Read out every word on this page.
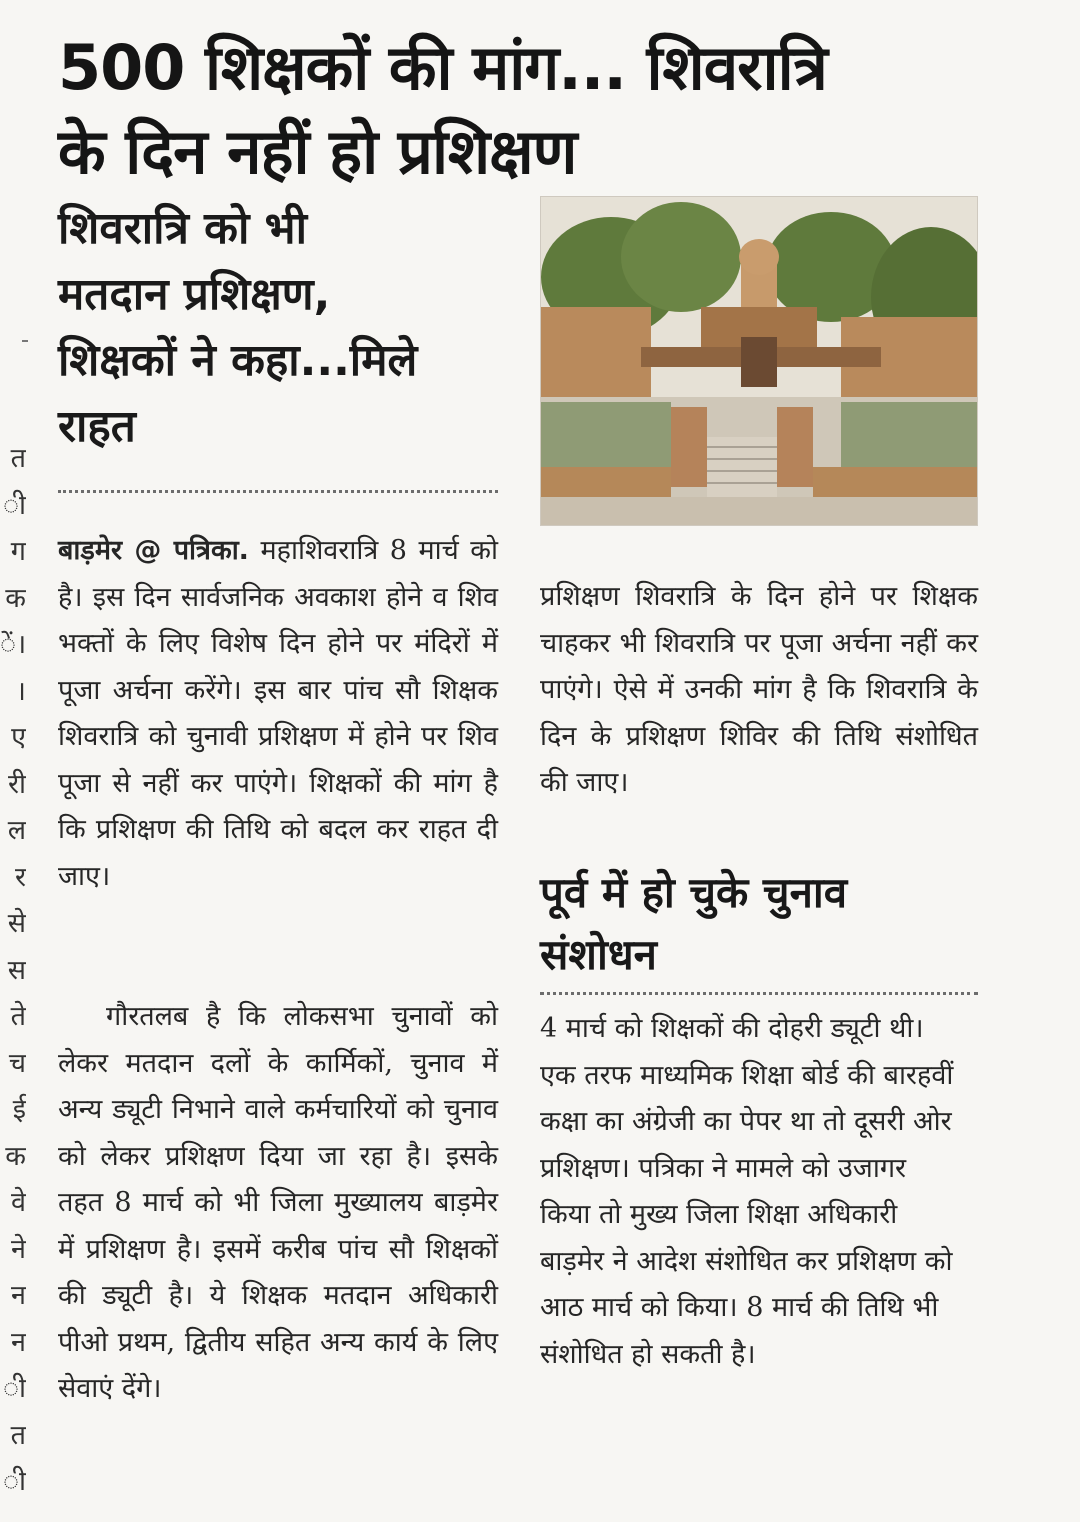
500 शिक्षकों की मांग... शिवरात्रि
के दिन नहीं हो प्रशिक्षण
शिवरात्रि को भी
मतदान प्रशिक्षण,
शिक्षकों ने कहा...मिले
राहत

बाड़मेर @ पत्रिका. महाशिवरात्रि 8 मार्च को है। इस दिन सार्वजनिक अवकाश होने व शिव भक्तों के लिए विशेष दिन होने पर मंदिरों में पूजा अर्चना करेंगे। इस बार पांच सौ शिक्षक शिवरात्रि को चुनावी प्रशिक्षण में होने पर शिव पूजा से नहीं कर पाएंगे। शिक्षकों की मांग है कि प्रशिक्षण की तिथि को बदल कर राहत दी जाए।

गौरतलब है कि लोकसभा चुनावों को लेकर मतदान दलों के कार्मिकों, चुनाव में अन्य ड्यूटी निभाने वाले कर्मचारियों को चुनाव को लेकर प्रशिक्षण दिया जा रहा है। इसके तहत 8 मार्च को भी जिला मुख्यालय बाड़मेर में प्रशिक्षण है। इसमें करीब पांच सौ शिक्षकों की ड्यूटी है। ये शिक्षक मतदान अधिकारी पीओ प्रथम, द्वितीय सहित अन्य कार्य के लिए सेवाएं देंगे।

प्रशिक्षण शिवरात्रि के दिन होने पर शिक्षक चाहकर भी शिवरात्रि पर पूजा अर्चना नहीं कर पाएंगे। ऐसे में उनकी मांग है कि शिवरात्रि के दिन के प्रशिक्षण शिविर की तिथि संशोधित की जाए।

पूर्व में हो चुके चुनाव
संशोधन

4 मार्च को शिक्षकों की दोहरी ड्यूटी थी। एक तरफ माध्यमिक शिक्षा बोर्ड की बारहवीं कक्षा का अंग्रेजी का पेपर था तो दूसरी ओर प्रशिक्षण। पत्रिका ने मामले को उजागर किया तो मुख्य जिला शिक्षा अधिकारी बाड़मेर ने आदेश संशोधित कर प्रशिक्षण को आठ मार्च को किया। 8 मार्च की तिथि भी संशोधित हो सकती है।

त
ी
ग
क
ें।
।
ए
री
ल
र
से
स
ते
च
ई
क
वे
ने
न
न
ी
त
ी
